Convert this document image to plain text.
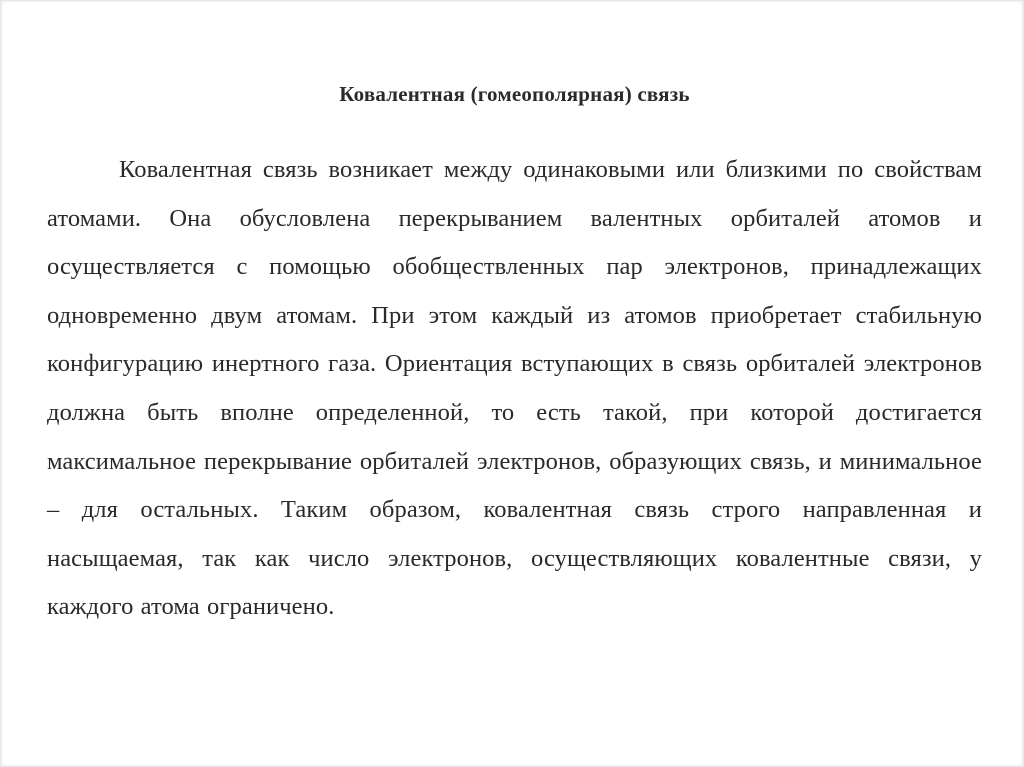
Ковалентная (гомеополярная) связь

Ковалентная связь возникает между одинаковыми или близкими по свойствам атомами. Она обусловлена перекрыванием валентных орбиталей атомов и осуществляется с помощью обобществленных пар электронов, принадлежащих одновременно двум атомам. При этом каждый из атомов приобретает стабильную конфигурацию инертного газа. Ориентация вступающих в связь орбиталей электронов должна быть вполне определенной, то есть такой, при которой достигается максимальное перекрывание орбиталей электронов, образующих связь, и минимальное – для остальных. Таким образом, ковалентная связь строго направленная и насыщаемая, так как число электронов, осуществляющих ковалентные связи, у каждого атома ограничено.
